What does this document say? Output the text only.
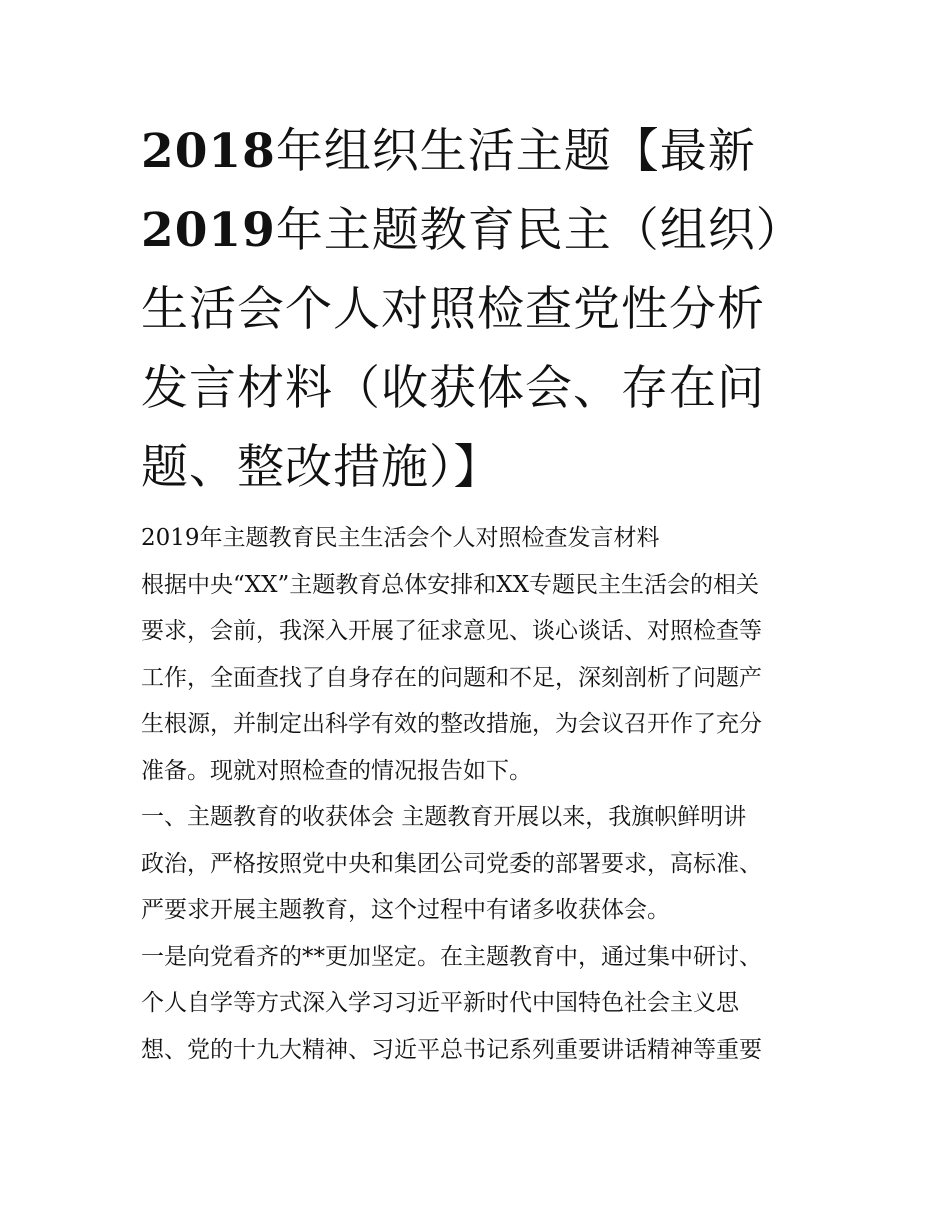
2018年组织生活主题【最新
2019年主题教育民主（组织）
生活会个人对照检查党性分析
发言材料（收获体会、存在问
题、整改措施）】

2019年主题教育民主生活会个人对照检查发言材料

根据中央“XX”主题教育总体安排和XX专题民主生活会的相关

要求，会前，我深入开展了征求意见、谈心谈话、对照检查等

工作，全面查找了自身存在的问题和不足，深刻剖析了问题产

生根源，并制定出科学有效的整改措施，为会议召开作了充分

准备。现就对照检查的情况报告如下。

一、主题教育的收获体会 主题教育开展以来，我旗帜鲜明讲

政治，严格按照党中央和集团公司党委的部署要求，高标准、

严要求开展主题教育，这个过程中有诸多收获体会。

一是向党看齐的**更加坚定。在主题教育中，通过集中研讨、

个人自学等方式深入学习习近平新时代中国特色社会主义思

想、党的十九大精神、习近平总书记系列重要讲话精神等重要
